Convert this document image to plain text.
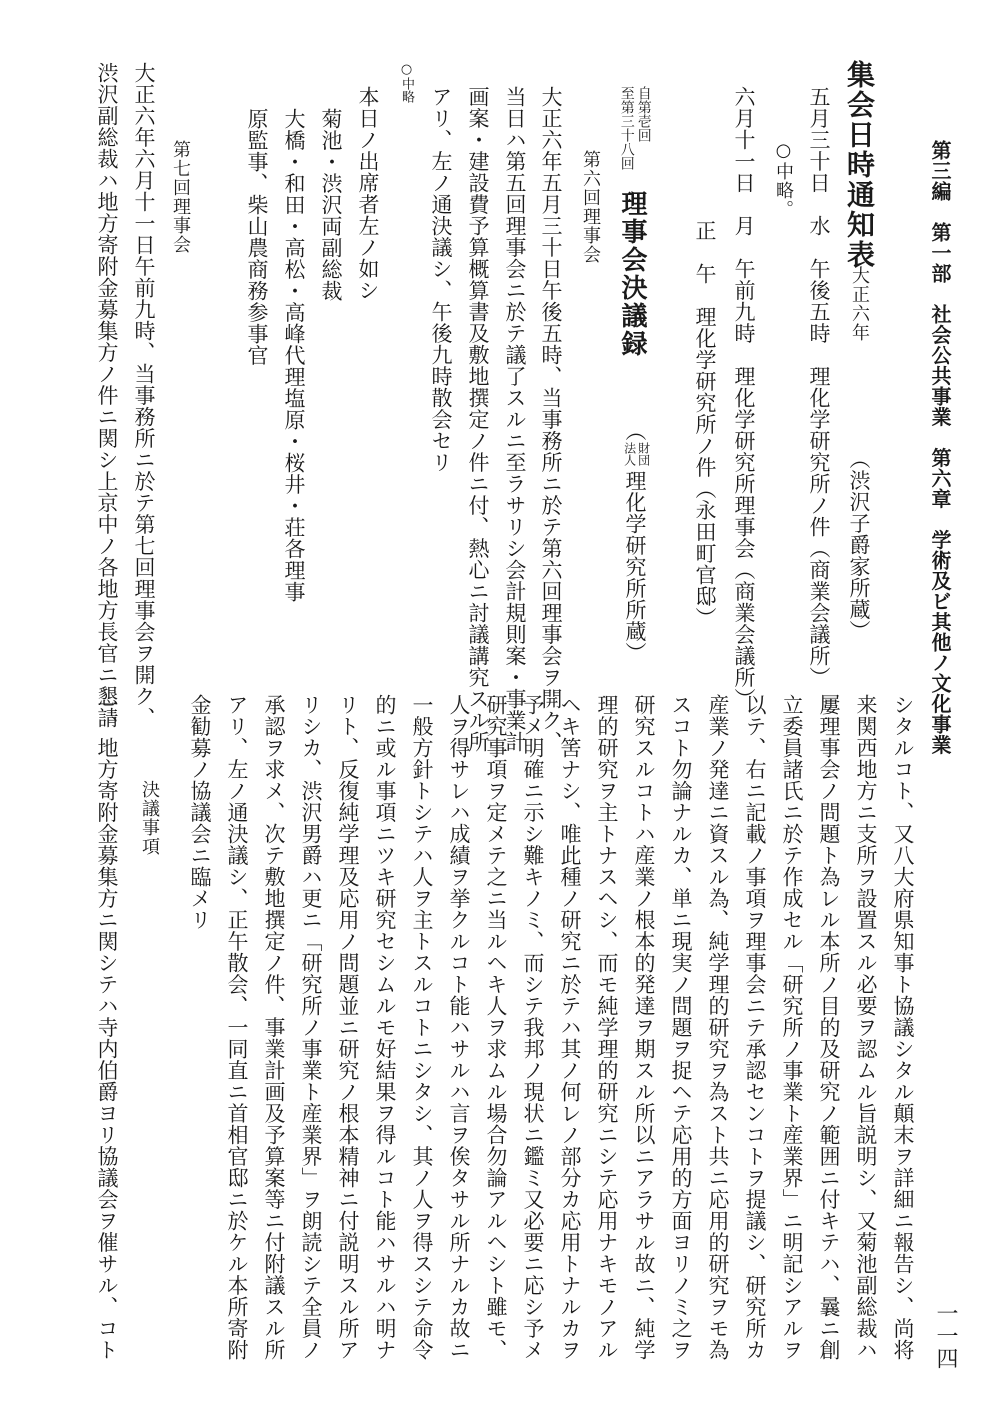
第三編　第一部　社会公共事業　第六章　学術及ビ其他ノ文化事業
一一四
集会日時通知表
大正六年
（渋沢子爵家所蔵）
五月三十日　水　午後五時　理化学研究所ノ件（商業会議所）
○中略。
六月十一日　月　午前九時　理化学研究所理事会（商業会議所）
正　午　理化学研究所ノ件（永田町官邸）
自第壱回
至第三十八回
理事会決議録
（
財団
法人
理化学研究所所蔵）
第六回理事会
大正六年五月三十日午後五時、当事務所ニ於テ第六回理事会ヲ開ク、
当日ハ第五回理事会ニ於テ議了スルニ至ラサリシ会計規則案・事業計
画案・建設費予算概算書及敷地撰定ノ件ニ付、熱心ニ討議講究スル所
アリ、左ノ通決議シ、午後九時散会セリ
○中略
本日ノ出席者左ノ如シ
菊池・渋沢両副総裁
大橋・和田・高松・高峰代理塩原・桜井・荘各理事
原監事、柴山農商務参事官
第七回理事会
大正六年六月十一日午前九時、当事務所ニ於テ第七回理事会ヲ開ク、
渋沢副総裁ハ地方寄附金募集方ノ件ニ関シ上京中ノ各地方長官ニ懇請
シタルコト、又八大府県知事ト協議シタル顛末ヲ詳細ニ報告シ、尚将
来関西地方ニ支所ヲ設置スル必要ヲ認ムル旨説明シ、又菊池副総裁ハ
屢理事会ノ問題ト為レル本所ノ目的及研究ノ範囲ニ付キテハ、曩ニ創
立委員諸氏ニ於テ作成セル「研究所ノ事業ト産業界」ニ明記シアルヲ
以テ、右ニ記載ノ事項ヲ理事会ニテ承認センコトヲ提議シ、研究所カ
産業ノ発達ニ資スル為、純学理的研究ヲ為スト共ニ応用的研究ヲモ為
スコト勿論ナルカ、単ニ現実ノ問題ヲ捉ヘテ応用的方面ヨリノミ之ヲ
研究スルコトハ産業ノ根本的発達ヲ期スル所以ニアラサル故ニ、純学
理的研究ヲ主トナスヘシ、而モ純学理的研究ニシテ応用ナキモノアル
ヘキ筈ナシ、唯此種ノ研究ニ於テハ其ノ何レノ部分カ応用トナルカヲ
予メ明確ニ示シ難キノミ、而シテ我邦ノ現状ニ鑑ミ又必要ニ応シ予メ
研究事項ヲ定メテ之ニ当ルヘキ人ヲ求ムル場合勿論アルヘシト雖モ、
人ヲ得サレハ成績ヲ挙クルコト能ハサルハ言ヲ俟タサル所ナルカ故ニ
一般方針トシテハ人ヲ主トスルコトニシタシ、其ノ人ヲ得スシテ命令
的ニ或ル事項ニツキ研究セシムルモ好結果ヲ得ルコト能ハサルハ明ナ
リト、反復純学理及応用ノ問題並ニ研究ノ根本精神ニ付説明スル所ア
リシカ、渋沢男爵ハ更ニ「研究所ノ事業ト産業界」ヲ朗読シテ全員ノ
承認ヲ求メ、次テ敷地撰定ノ件、事業計画及予算案等ニ付附議スル所
アリ、左ノ通決議シ、正午散会、一同直ニ首相官邸ニ於ケル本所寄附
金勧募ノ協議会ニ臨メリ
決議事項
一、地方寄附金募集方ニ関シテハ寺内伯爵ヨリ協議会ヲ催サル、コト
